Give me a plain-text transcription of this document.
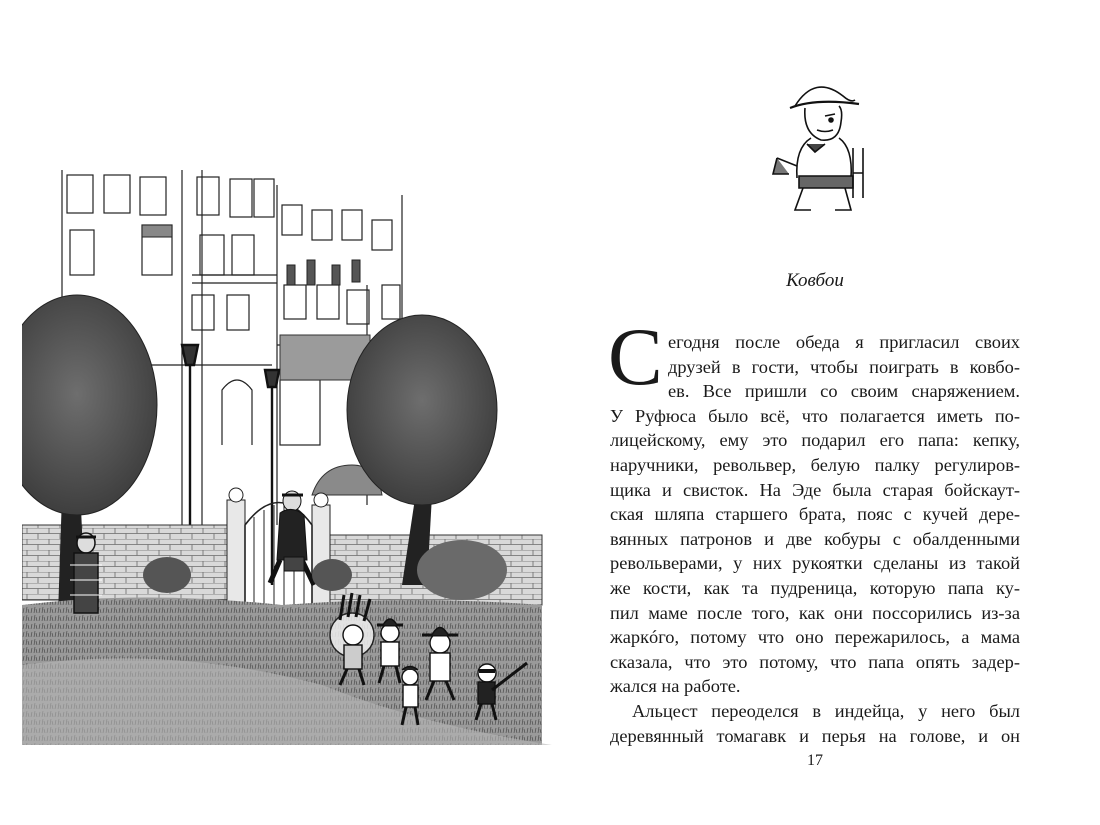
Ковбои
С егодня после обеда я пригласил своих
друзей в гости, чтобы поиграть в ковбо-
ев. Все пришли со своим снаряжением.
У Руфюса было всё, что полагается иметь по-
лицейскому, ему это подарил его папа: кепку,
наручники, револьвер, белую палку регулиров-
щика и свисток. На Эде была старая бойскаут-
ская шляпа старшего брата, пояс с кучей дере-
вянных патронов и две кобуры с обалденными
револьверами, у них рукоятки сделаны из такой
же кости, как та пудреница, которую папа ку-
пил маме после того, как они поссорились из-за
жаркóго, потому что оно пережарилось, а мама
сказала, что это потому, что папа опять задер-
жался на работе.
Альцест переоделся в индейца, у него был
деревянный томагавк и перья на голове, и он
17
